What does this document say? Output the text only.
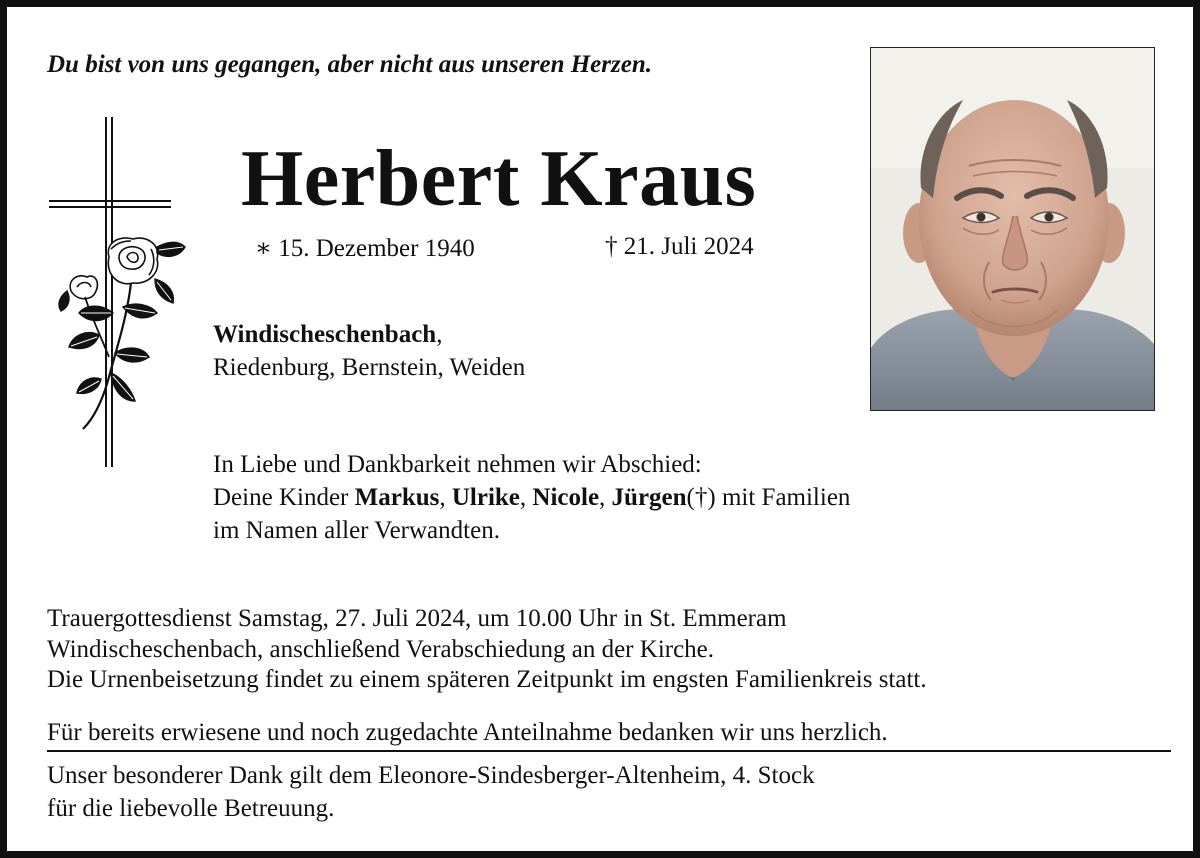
Du bist von uns gegangen, aber nicht aus unseren Herzen.
Herbert Kraus
∗ 15. Dezember 1940	† 21. Juli 2024
Windischeschenbach,
Riedenburg, Bernstein, Weiden
In Liebe und Dankbarkeit nehmen wir Abschied:
Deine Kinder Markus, Ulrike, Nicole, Jürgen(†) mit Familien
im Namen aller Verwandten.
Trauergottesdienst Samstag, 27. Juli 2024, um 10.00 Uhr in St. Emmeram
Windischeschenbach, anschließend Verabschiedung an der Kirche.
Die Urnenbeisetzung findet zu einem späteren Zeitpunkt im engsten Familienkreis statt.
Für bereits erwiesene und noch zugedachte Anteilnahme bedanken wir uns herzlich.
Unser besonderer Dank gilt dem Eleonore-Sindesberger-Altenheim, 4. Stock
für die liebevolle Betreuung.
